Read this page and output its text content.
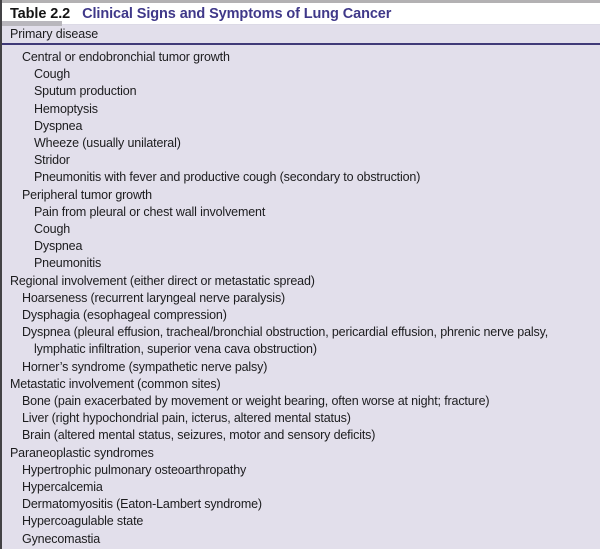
Table 2.2 Clinical Signs and Symptoms of Lung Cancer
Primary disease
Central or endobronchial tumor growth
Cough
Sputum production
Hemoptysis
Dyspnea
Wheeze (usually unilateral)
Stridor
Pneumonitis with fever and productive cough (secondary to obstruction)
Peripheral tumor growth
Pain from pleural or chest wall involvement
Cough
Dyspnea
Pneumonitis
Regional involvement (either direct or metastatic spread)
Hoarseness (recurrent laryngeal nerve paralysis)
Dysphagia (esophageal compression)
Dyspnea (pleural effusion, tracheal/bronchial obstruction, pericardial effusion, phrenic nerve palsy, lymphatic infiltration, superior vena cava obstruction)
Horner’s syndrome (sympathetic nerve palsy)
Metastatic involvement (common sites)
Bone (pain exacerbated by movement or weight bearing, often worse at night; fracture)
Liver (right hypochondrial pain, icterus, altered mental status)
Brain (altered mental status, seizures, motor and sensory deficits)
Paraneoplastic syndromes
Hypertrophic pulmonary osteoarthropathy
Hypercalcemia
Dermatomyositis (Eaton-Lambert syndrome)
Hypercoagulable state
Gynecomastia
